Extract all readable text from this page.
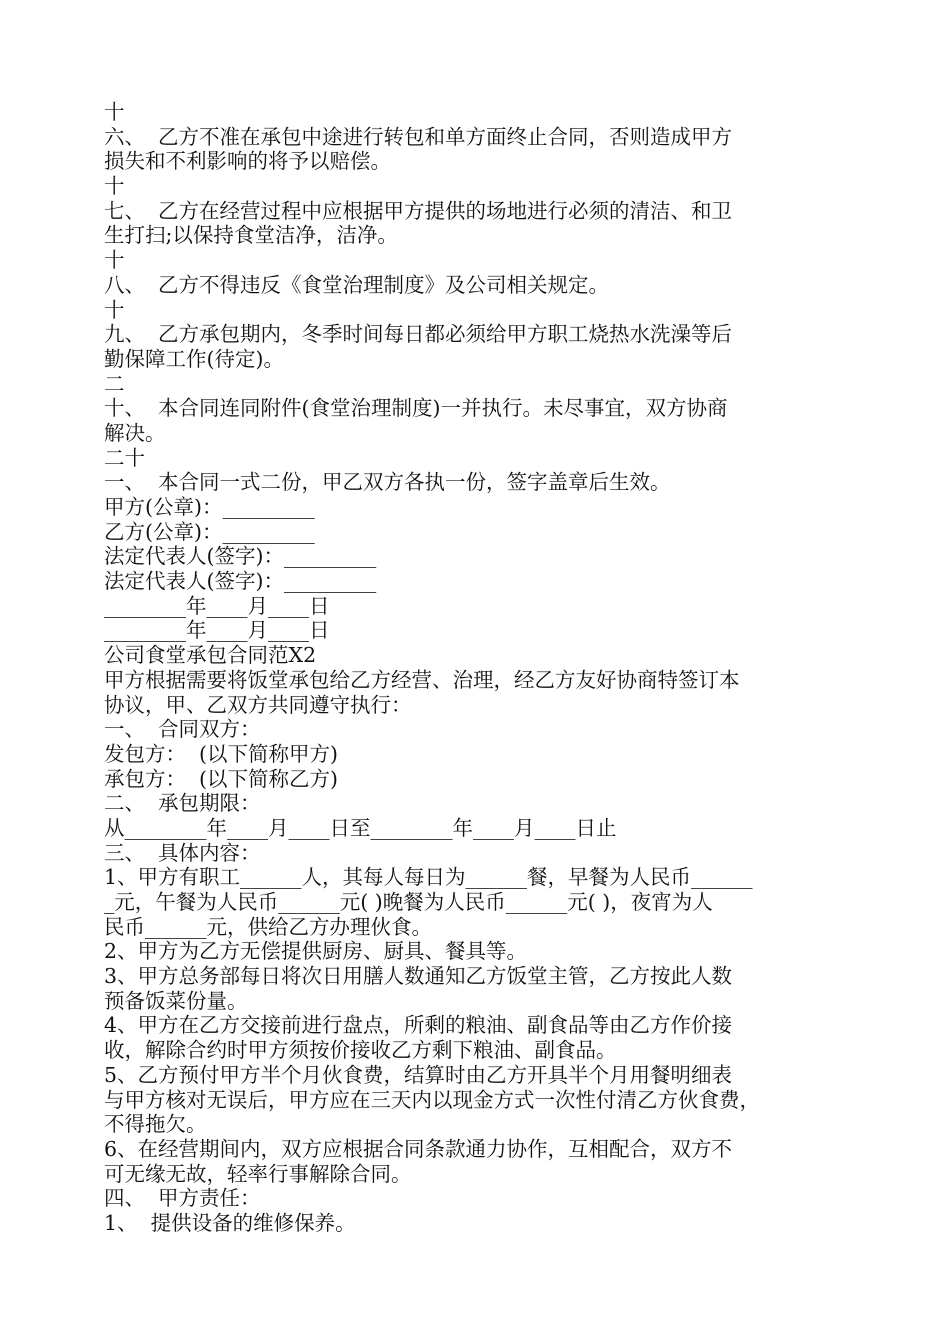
十
六、  乙方不准在承包中途进行转包和单方面终止合同，否则造成甲方
损失和不利影响的将予以赔偿。
十
七、  乙方在经营过程中应根据甲方提供的场地进行必须的清洁、和卫
生打扫;以保持食堂洁净，洁净。
十
八、  乙方不得违反《食堂治理制度》及公司相关规定。
十
九、  乙方承包期内，冬季时间每日都必须给甲方职工烧热水洗澡等后
勤保障工作(待定)。
二
十、  本合同连同附件(食堂治理制度)一并执行。未尽事宜，双方协商
解决。
二十
一、  本合同一式二份，甲乙双方各执一份，签字盖章后生效。
甲方(公章)：_________
乙方(公章)：_________
法定代表人(签字)：_________
法定代表人(签字)：_________
________年____月____日
________年____月____日
公司食堂承包合同范X2
甲方根据需要将饭堂承包给乙方经营、治理，经乙方友好协商特签订本
协议，甲、乙双方共同遵守执行：
一、  合同双方：
发包方：  (以下简称甲方)
承包方：  (以下简称乙方)
二、  承包期限：
从________年____月____日至________年____月____日止
三、  具体内容：
1、甲方有职工______人，其每人每日为______餐，早餐为人民币______
_元，午餐为人民币______元( )晚餐为人民币______元( )，夜宵为人
民币______元，供给乙方办理伙食。
2、甲方为乙方无偿提供厨房、厨具、餐具等。
3、甲方总务部每日将次日用膳人数通知乙方饭堂主管，乙方按此人数
预备饭菜份量。
4、甲方在乙方交接前进行盘点，所剩的粮油、副食品等由乙方作价接
收，解除合约时甲方须按价接收乙方剩下粮油、副食品。
5、乙方预付甲方半个月伙食费，结算时由乙方开具半个月用餐明细表
与甲方核对无误后，甲方应在三天内以现金方式一次性付清乙方伙食费，
不得拖欠。
6、在经营期间内，双方应根据合同条款通力协作，互相配合，双方不
可无缘无故，轻率行事解除合同。
四、  甲方责任：
1、  提供设备的维修保养。
